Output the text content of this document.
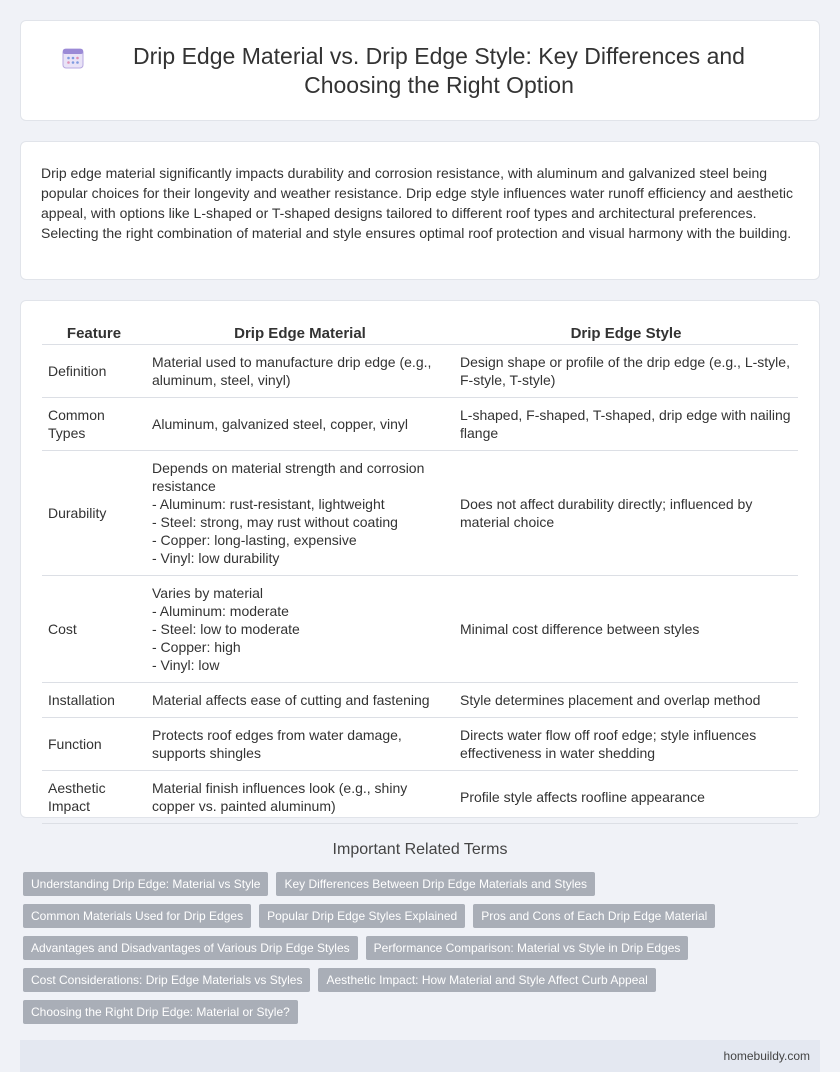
Drip Edge Material vs. Drip Edge Style: Key Differences and Choosing the Right Option

Drip edge material significantly impacts durability and corrosion resistance, with aluminum and galvanized steel being popular choices for their longevity and weather resistance. Drip edge style influences water runoff efficiency and aesthetic appeal, with options like L-shaped or T-shaped designs tailored to different roof types and architectural preferences. Selecting the right combination of material and style ensures optimal roof protection and visual harmony with the building.

Feature	Drip Edge Material	Drip Edge Style
Definition	Material used to manufacture drip edge (e.g., aluminum, steel, vinyl)	Design shape or profile of the drip edge (e.g., L-style, F-style, T-style)

Common Types	Aluminum, galvanized steel, copper, vinyl	L-shaped, F-shaped, T-shaped, drip edge with nailing flange

Durability	Depends on material strength and corrosion resistance
- Aluminum: rust-resistant, lightweight
- Steel: strong, may rust without coating
- Copper: long-lasting, expensive
- Vinyl: low durability	Does not affect durability directly; influenced by material choice

Cost	Varies by material
- Aluminum: moderate
- Steel: low to moderate
- Copper: high
- Vinyl: low	Minimal cost difference between styles

Installation	Material affects ease of cutting and fastening	Style determines placement and overlap method

Function	Protects roof edges from water damage, supports shingles	Directs water flow off roof edge; style influences effectiveness in water shedding

Aesthetic Impact	Material finish influences look (e.g., shiny copper vs. painted aluminum)	Profile style affects roofline appearance
Important Related Terms
Understanding Drip Edge: Material vs Style	Key Differences Between Drip Edge Materials and Styles
Common Materials Used for Drip Edges	Popular Drip Edge Styles Explained	Pros and Cons of Each Drip Edge Material
Advantages and Disadvantages of Various Drip Edge Styles	Performance Comparison: Material vs Style in Drip Edges
Cost Considerations: Drip Edge Materials vs Styles	Aesthetic Impact: How Material and Style Affect Curb Appeal
Choosing the Right Drip Edge: Material or Style?
homebuildy.com
